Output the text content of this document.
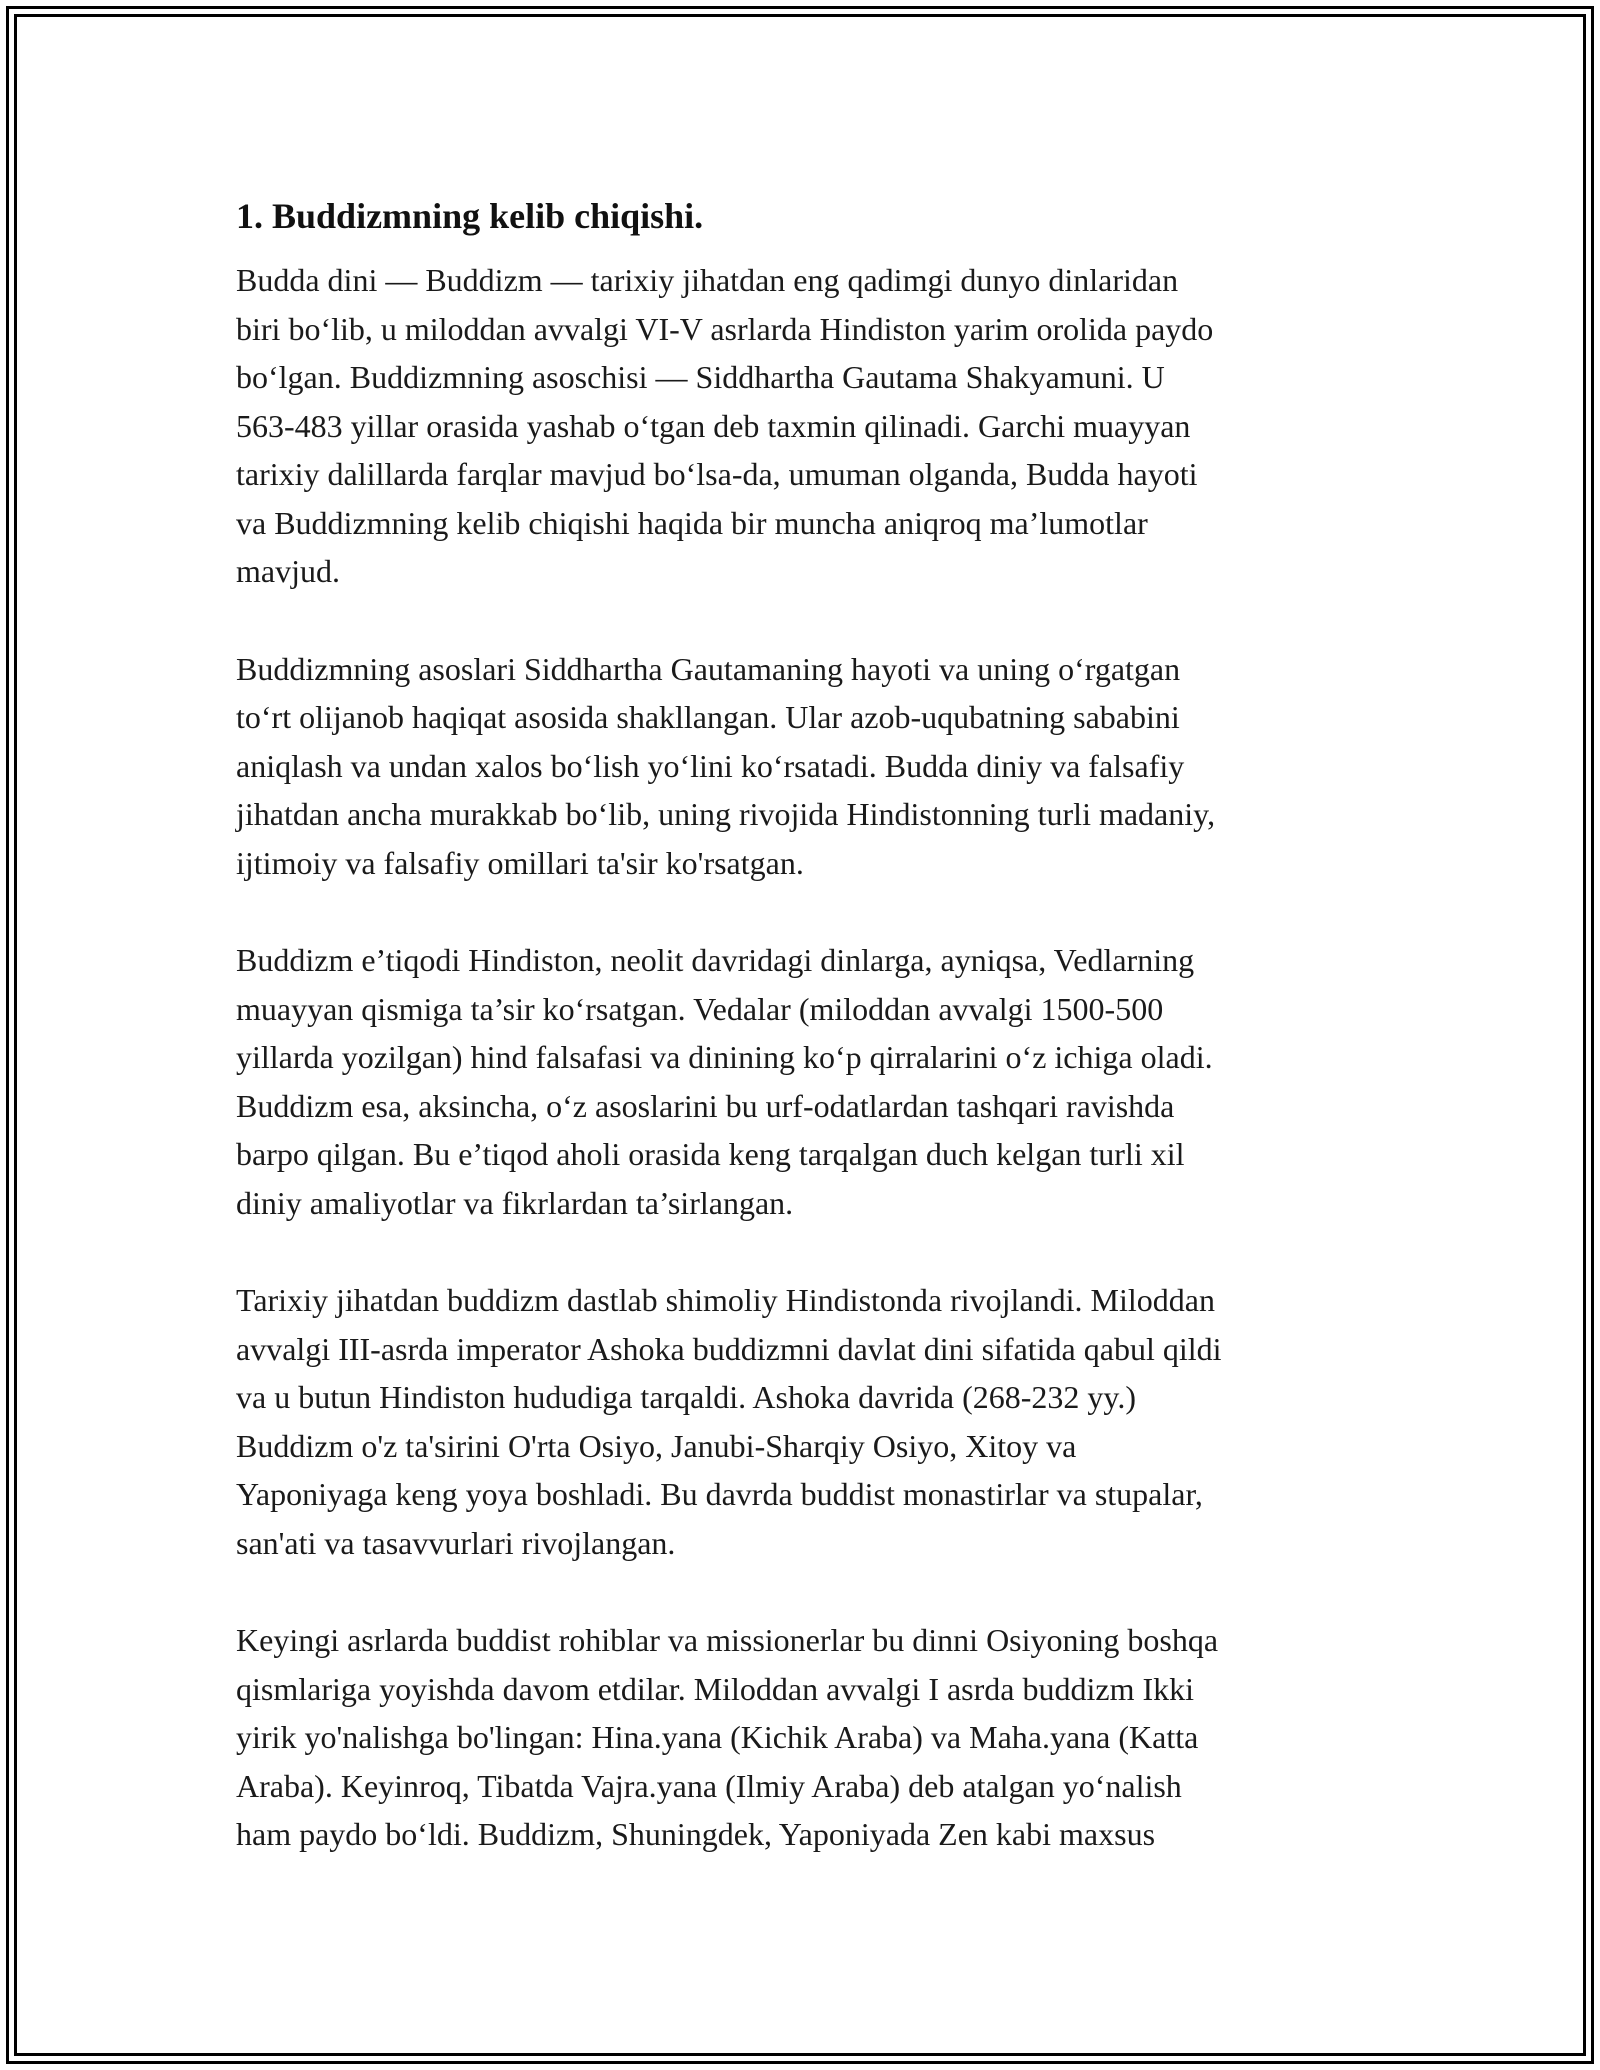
1. Buddizmning kelib chiqishi.

Budda dini — Buddizm — tarixiy jihatdan eng qadimgi dunyo dinlaridan
biri bo‘lib, u miloddan avvalgi VI-V asrlarda Hindiston yarim orolida paydo
bo‘lgan. Buddizmning asoschisi — Siddhartha Gautama Shakyamuni. U
563-483 yillar orasida yashab o‘tgan deb taxmin qilinadi. Garchi muayyan
tarixiy dalillarda farqlar mavjud bo‘lsa-da, umuman olganda, Budda hayoti
va Buddizmning kelib chiqishi haqida bir muncha aniqroq ma’lumotlar
mavjud.

Buddizmning asoslari Siddhartha Gautamaning hayoti va uning o‘rgatgan
to‘rt olijanob haqiqat asosida shakllangan. Ular azob-uqubatning sababini
aniqlash va undan xalos bo‘lish yo‘lini ko‘rsatadi. Budda diniy va falsafiy
jihatdan ancha murakkab bo‘lib, uning rivojida Hindistonning turli madaniy,
ijtimoiy va falsafiy omillari ta'sir ko'rsatgan.

Buddizm e’tiqodi Hindiston, neolit davridagi dinlarga, ayniqsa, Vedlarning
muayyan qismiga ta’sir ko‘rsatgan. Vedalar (miloddan avvalgi 1500-500
yillarda yozilgan) hind falsafasi va dinining ko‘p qirralarini o‘z ichiga oladi.
Buddizm esa, aksincha, o‘z asoslarini bu urf-odatlardan tashqari ravishda
barpo qilgan. Bu e’tiqod aholi orasida keng tarqalgan duch kelgan turli xil
diniy amaliyotlar va fikrlardan ta’sirlangan.

Tarixiy jihatdan buddizm dastlab shimoliy Hindistonda rivojlandi. Miloddan
avvalgi III-asrda imperator Ashoka buddizmni davlat dini sifatida qabul qildi
va u butun Hindiston hududiga tarqaldi. Ashoka davrida (268-232 yy.)
Buddizm o'z ta'sirini O'rta Osiyo, Janubi-Sharqiy Osiyo, Xitoy va
Yaponiyaga keng yoya boshladi. Bu davrda buddist monastirlar va stupalar,
san'ati va tasavvurlari rivojlangan.

Keyingi asrlarda buddist rohiblar va missionerlar bu dinni Osiyoning boshqa
qismlariga yoyishda davom etdilar. Miloddan avvalgi I asrda buddizm Ikki
yirik yo'nalishga bo'lingan: Hina.yana (Kichik Araba) va Maha.yana (Katta
Araba). Keyinroq, Tibatda Vajra.yana (Ilmiy Araba) deb atalgan yo‘nalish
ham paydo bo‘ldi. Buddizm, Shuningdek, Yaponiyada Zen kabi maxsus
